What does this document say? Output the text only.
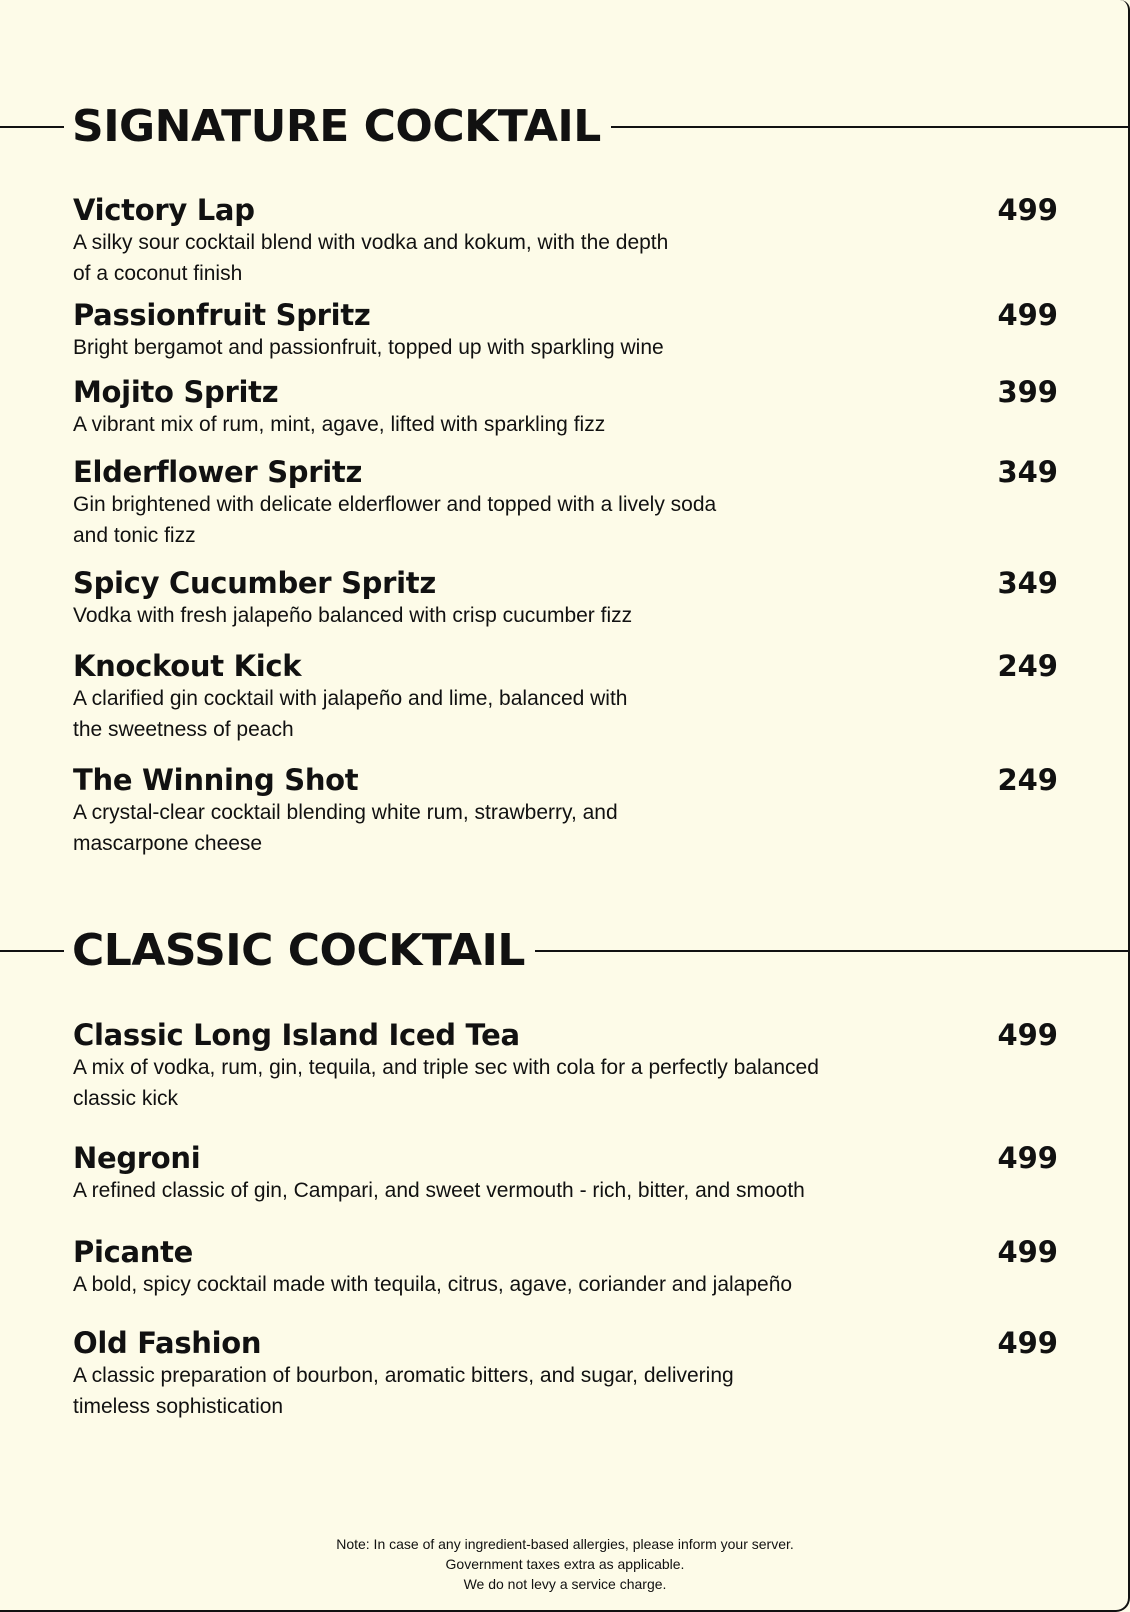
SIGNATURE COCKTAIL
Victory Lap
A silky sour cocktail blend with vodka and kokum, with the depth
of a coconut finish
499
Passionfruit Spritz
Bright bergamot and passionfruit, topped up with sparkling wine
499
Mojito Spritz
A vibrant mix of rum, mint, agave, lifted with sparkling fizz
399
Elderflower Spritz
Gin brightened with delicate elderflower and topped with a lively soda
and tonic fizz
349
Spicy Cucumber Spritz
Vodka with fresh jalapeño balanced with crisp cucumber fizz
349
Knockout Kick
A clarified gin cocktail with jalapeño and lime, balanced with
the sweetness of peach
249
The Winning Shot
A crystal-clear cocktail blending white rum, strawberry, and
mascarpone cheese
249
CLASSIC COCKTAIL
Classic Long Island Iced Tea
A mix of vodka, rum, gin, tequila, and triple sec with cola for a perfectly balanced
classic kick
499
Negroni
A refined classic of gin, Campari, and sweet vermouth - rich, bitter, and smooth
499
Picante
A bold, spicy cocktail made with tequila, citrus, agave, coriander and jalapeño
499
Old Fashion
A classic preparation of bourbon, aromatic bitters, and sugar, delivering
timeless sophistication
499
Note: In case of any ingredient-based allergies, please inform your server.
Government taxes extra as applicable.
We do not levy a service charge.
